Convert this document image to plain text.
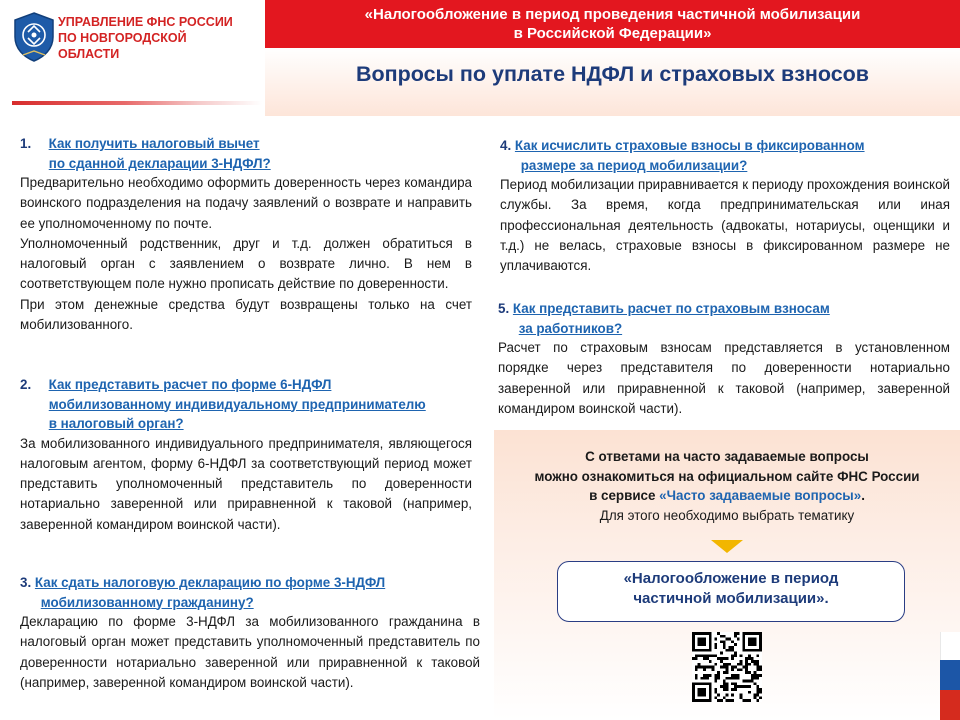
УПРАВЛЕНИЕ ФНС РОССИИ
ПО НОВГОРОДСКОЙ
ОБЛАСТИ
«Налогообложение в период проведения частичной мобилизации
в Российской Федерации»
Вопросы по уплате НДФЛ и страховых взносов
1. Как получить налоговый вычет
по сданной декларации 3-НДФЛ?

Предварительно необходимо оформить доверенность через командира воинского подразделения на подачу заявлений о возврате и направить ее уполномоченному по почте.

Уполномоченный родственник, друг и т.д. должен обратиться в налоговый орган с заявлением о возврате лично. В нем в соответствующем поле нужно прописать действие по доверенности.

При этом денежные средства будут возвращены только на счет мобилизованного.

2. Как представить расчет по форме 6-НДФЛ
мобилизованному индивидуальному предпринимателю
в налоговый орган?

За мобилизованного индивидуального предпринимателя, являющегося налоговым агентом, форму 6-НДФЛ за соответствующий период может представить уполномоченный представитель по доверенности нотариально заверенной или приравненной к таковой (например, заверенной командиром воинской части).

3. Как сдать налоговую декларацию по форме 3-НДФЛ
мобилизованному гражданину?

Декларацию по форме 3-НДФЛ за мобилизованного гражданина в налоговый орган может представить уполномоченный представитель по доверенности нотариально заверенной или приравненной к таковой (например, заверенной командиром воинской части).

4. Как исчислить страховые взносы в фиксированном
размере за период мобилизации?

Период мобилизации приравнивается к периоду прохождения воинской службы. За время, когда предпринимательская или иная профессиональная деятельность (адвокаты, нотариусы, оценщики и т.д.) не велась, страховые взносы в фиксированном размере не уплачиваются.

5. Как представить расчет по страховым взносам
за работников?

Расчет по страховым взносам представляется в установленном порядке через представителя по доверенности нотариально заверенной или приравненной к таковой (например, заверенной командиром воинской части).

С ответами на часто задаваемые вопросы
можно ознакомиться на официальном сайте ФНС России
в сервисе «Часто задаваемые вопросы».
Для этого необходимо выбрать тематику
«Налогообложение в период
частичной мобилизации».
